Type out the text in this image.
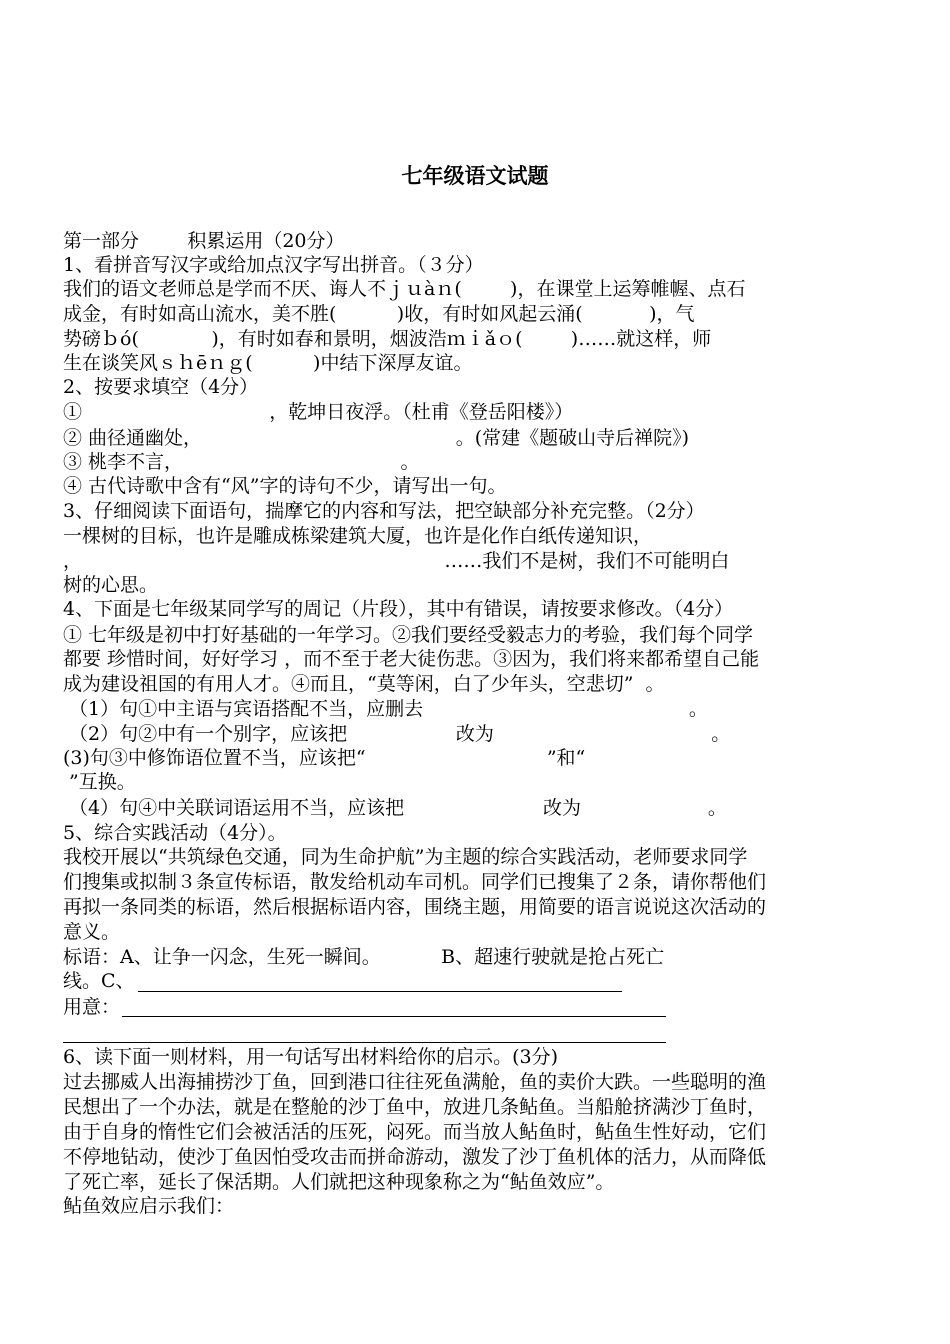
七年级语文试题
第一部分        积累运用（20分）
1、看拼音写汉字或给加点汉字写出拼音。（３分）
我们的语文老师总是学而不厌、诲人不ｊｕàｎ(        )，在课堂上运筹帷幄、点石
成金，有时如高山流水，美不胜(          )收，有时如风起云涌(           )，气
势磅ｂó(            )，有时如春和景明，烟波浩ｍｉǎｏ(        )……就这样，师
生在谈笑风ｓｈēｎｇ(          )中结下深厚友谊。
2、按要求填空（4分）
①                               ，乾坤日夜浮。（杜甫《登岳阳楼》）
② 曲径通幽处，                                          。(常建《题破山寺后禅院》)
③ 桃李不言，                                    。
④ 古代诗歌中含有“风”字的诗句不少，请写出一句。
3、仔细阅读下面语句，揣摩它的内容和写法，把空缺部分补充完整。（2分）
一棵树的目标，也许是雕成栋梁建筑大厦，也许是化作白纸传递知识，
，                                                            ……我们不是树，我们不可能明白
树的心思。
4、下面是七年级某同学写的周记（片段），其中有错误，请按要求修改。（4分）
① 七年级是初中打好基础的一年学习。②我们要经受毅志力的考验，我们每个同学
都要 珍惜时间，好好学习 ，而不至于老大徒伤悲。③因为，我们将来都希望自己能
成为建设祖国的有用人才。④而且，“莫等闲，白了少年头，空悲切”  。
（1）句①中主语与宾语搭配不当，应删去                                            。
（2）句②中有一个别字，应该把                  改为                                    。
(3)句③中修饰语位置不当，应该把“                              ”和“
”互换。
（4）句④中关联词语运用不当，应该把                       改为                     。
5、综合实践活动（4分）。
我校开展以“共筑绿色交通，同为生命护航”为主题的综合实践活动，老师要求同学
们搜集或拟制３条宣传标语，散发给机动车司机。同学们已搜集了２条，请你帮他们
再拟一条同类的标语，然后根据标语内容，围绕主题，用简要的语言说说这次活动的
意义。
标语：A、让争一闪念，生死一瞬间。          B、超速行驶就是抢占死亡
线。C、
用意：
6、读下面一则材料，用一句话写出材料给你的启示。(3分)
过去挪威人出海捕捞沙丁鱼，回到港口往往死鱼满舱，鱼的卖价大跌。一些聪明的渔
民想出了一个办法，就是在整舱的沙丁鱼中，放进几条鲇鱼。当船舱挤满沙丁鱼时，
由于自身的惰性它们会被活活的压死，闷死。而当放人鲇鱼时，鲇鱼生性好动，它们
不停地钻动，使沙丁鱼因怕受攻击而拼命游动，激发了沙丁鱼机体的活力，从而降低
了死亡率，延长了保活期。人们就把这种现象称之为“鲇鱼效应”。
鲇鱼效应启示我们：
